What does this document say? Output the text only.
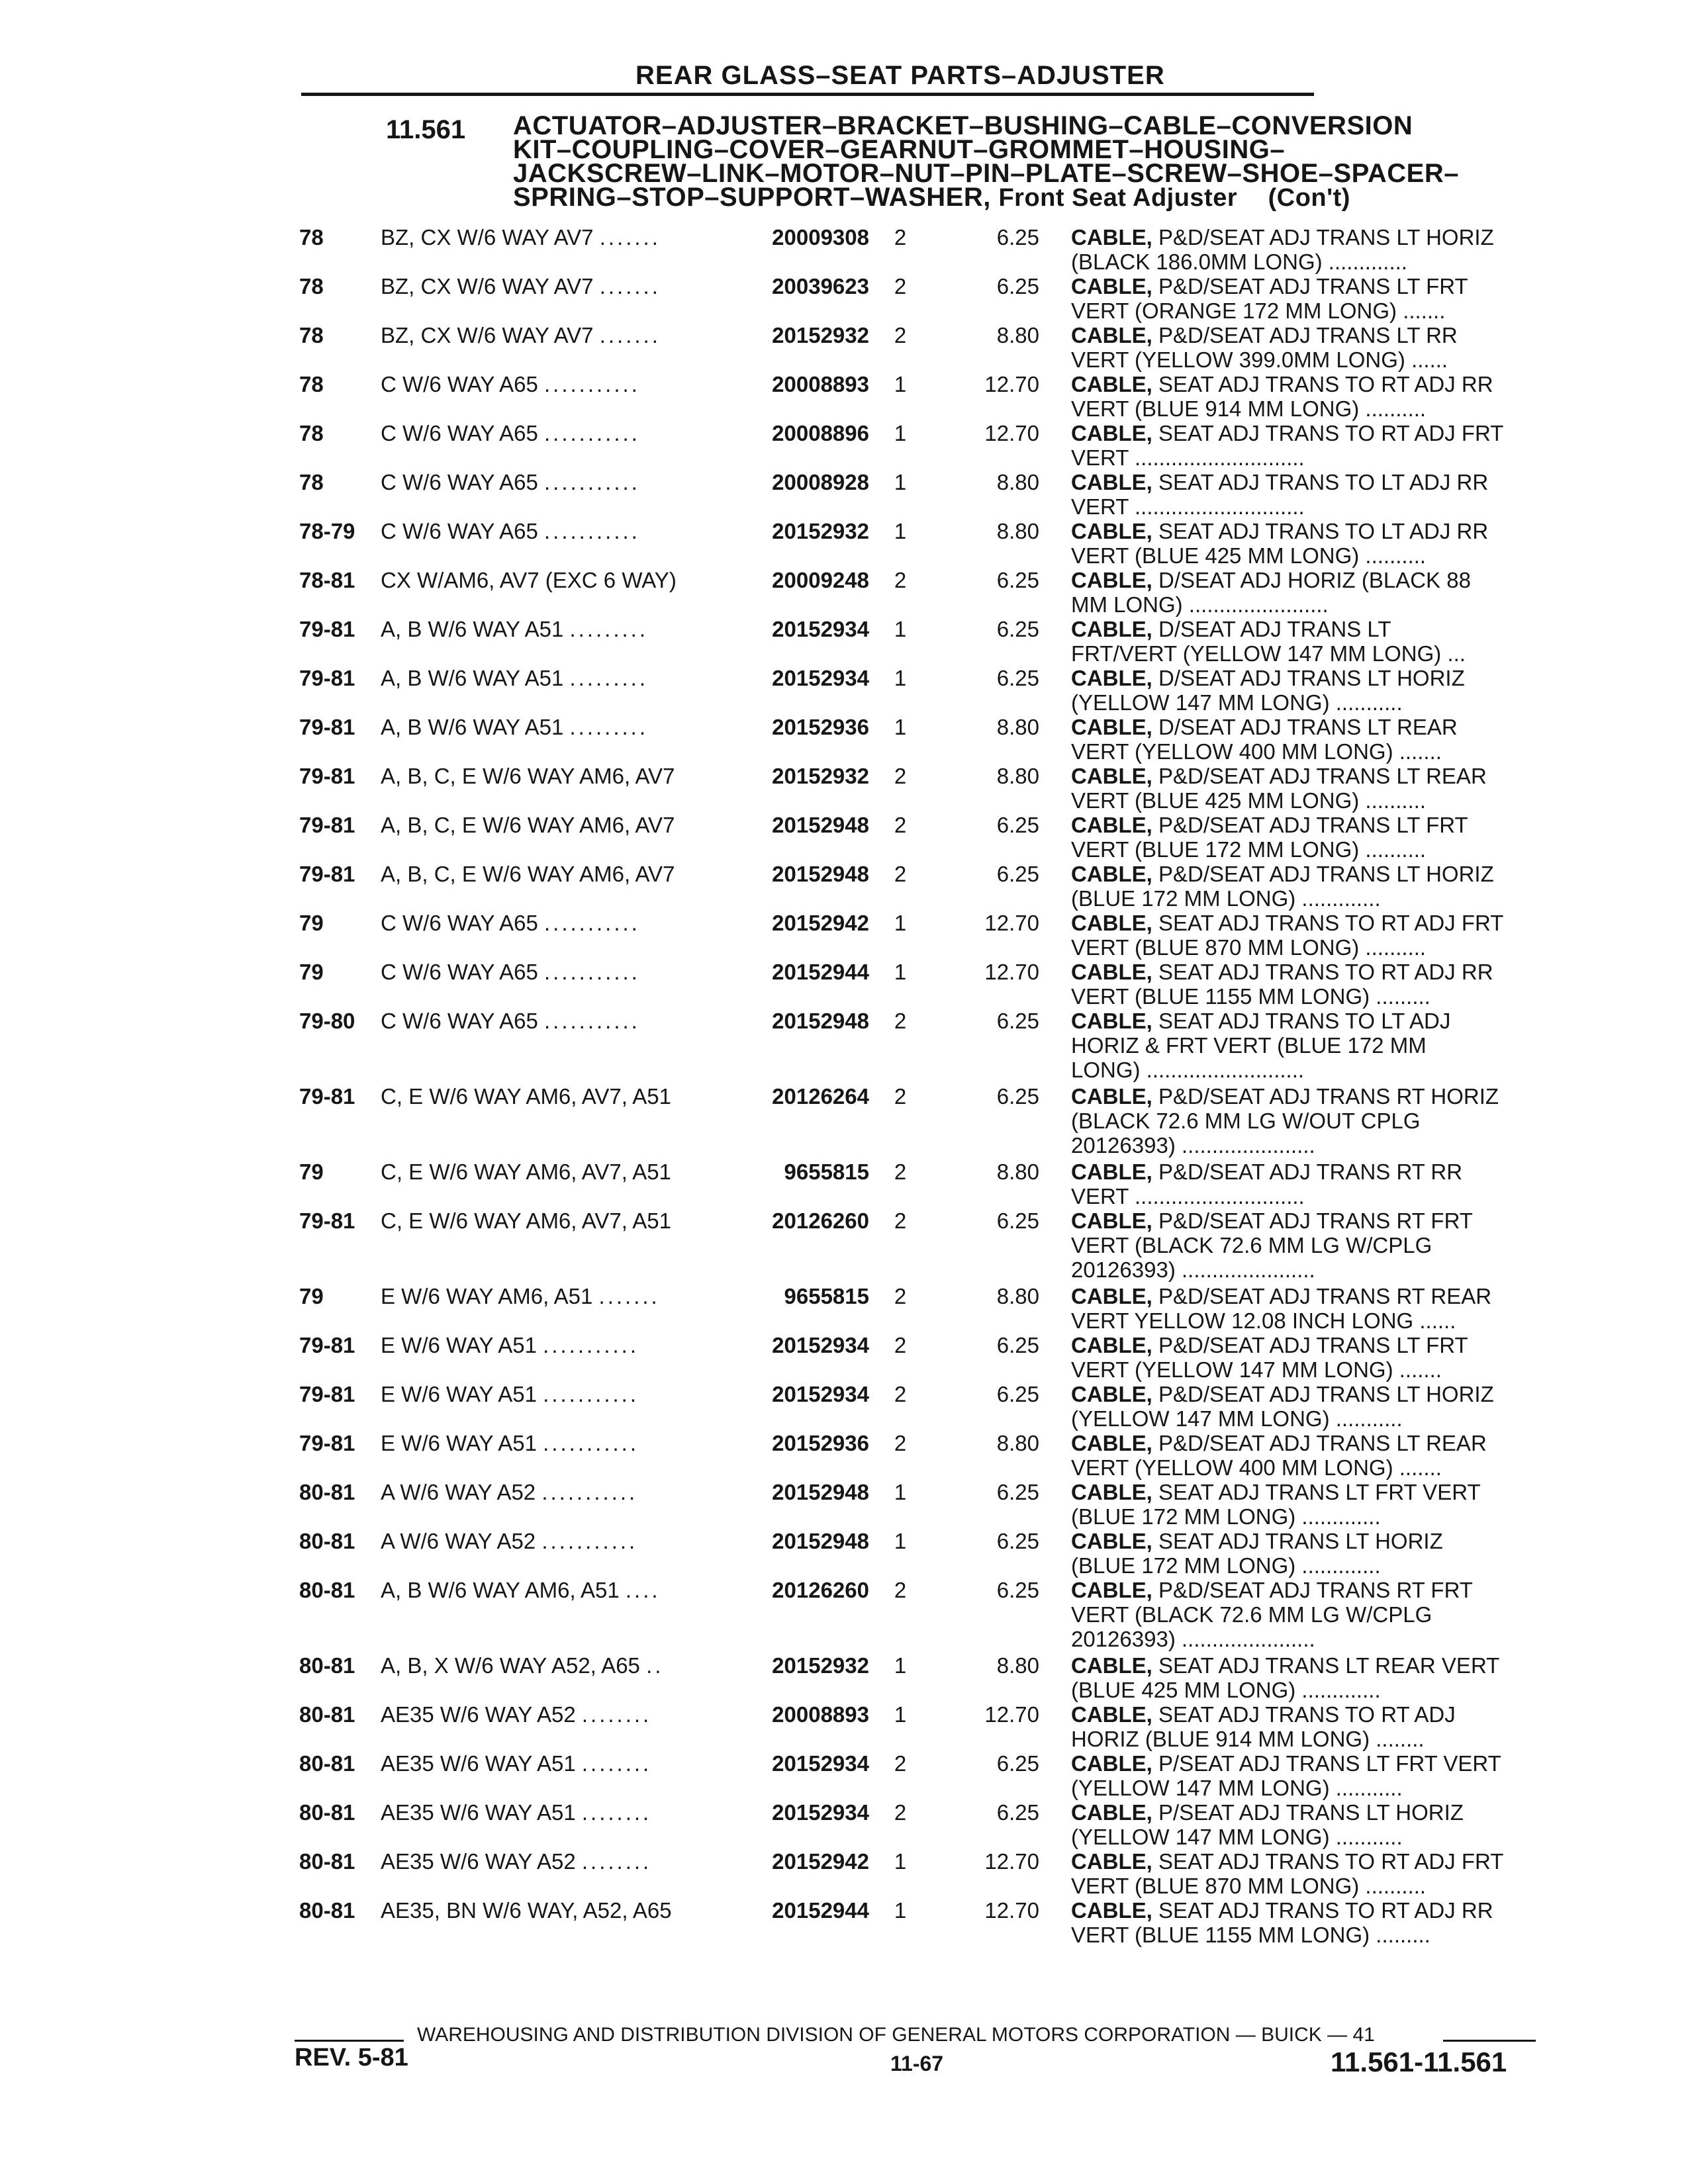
REAR GLASS–SEAT PARTS–ADJUSTER
11.561 ACTUATOR–ADJUSTER–BRACKET–BUSHING–CABLE–CONVERSION
KIT–COUPLING–COVER–GEARNUT–GROMMET–HOUSING–
JACKSCREW–LINK–MOTOR–NUT–PIN–PLATE–SCREW–SHOE–SPACER–
SPRING–STOP–SUPPORT–WASHER, Front Seat Adjuster (Con't)
78	BZ, CX W/6 WAY AV7 .......	20009308 2	6.25 CABLE, P&D/SEAT ADJ TRANS LT HORIZ
(BLACK 186.0MM LONG) .............
78	BZ, CX W/6 WAY AV7 .......	20039623 2	6.25 CABLE, P&D/SEAT ADJ TRANS LT FRT
VERT (ORANGE 172 MM LONG) .......
78	BZ, CX W/6 WAY AV7 .......	20152932 2	8.80 CABLE, P&D/SEAT ADJ TRANS LT RR
VERT (YELLOW 399.0MM LONG) ......
78	C W/6 WAY A65 ...........	20008893 1	12.70 CABLE, SEAT ADJ TRANS TO RT ADJ RR
VERT (BLUE 914 MM LONG) ..........
78	C W/6 WAY A65 ...........	20008896 1	12.70 CABLE, SEAT ADJ TRANS TO RT ADJ FRT
VERT ............................
78	C W/6 WAY A65 ...........	20008928 1	8.80 CABLE, SEAT ADJ TRANS TO LT ADJ RR
VERT ............................
78-79 C W/6 WAY A65 ...........	20152932 1	8.80 CABLE, SEAT ADJ TRANS TO LT ADJ RR
VERT (BLUE 425 MM LONG) ..........
78-81 CX W/AM6, AV7 (EXC 6 WAY)	20009248 2	6.25 CABLE, D/SEAT ADJ HORIZ (BLACK 88
MM LONG) .......................
79-81 A, B W/6 WAY A51 .........	20152934 1	6.25 CABLE, D/SEAT ADJ TRANS LT
FRT/VERT (YELLOW 147 MM LONG) ...
79-81 A, B W/6 WAY A51 .........	20152934 1	6.25 CABLE, D/SEAT ADJ TRANS LT HORIZ
(YELLOW 147 MM LONG) ...........
79-81 A, B W/6 WAY A51 .........	20152936 1	8.80 CABLE, D/SEAT ADJ TRANS LT REAR
VERT (YELLOW 400 MM LONG) .......
79-81 A, B, C, E W/6 WAY AM6, AV7	20152932 2	8.80 CABLE, P&D/SEAT ADJ TRANS LT REAR
VERT (BLUE 425 MM LONG) ..........
79-81 A, B, C, E W/6 WAY AM6, AV7	20152948 2	6.25 CABLE, P&D/SEAT ADJ TRANS LT FRT
VERT (BLUE 172 MM LONG) ..........
79-81 A, B, C, E W/6 WAY AM6, AV7	20152948 2	6.25 CABLE, P&D/SEAT ADJ TRANS LT HORIZ
(BLUE 172 MM LONG) .............
79	C W/6 WAY A65 ...........	20152942 1	12.70 CABLE, SEAT ADJ TRANS TO RT ADJ FRT
VERT (BLUE 870 MM LONG) ..........
79	C W/6 WAY A65 ...........	20152944 1	12.70 CABLE, SEAT ADJ TRANS TO RT ADJ RR
VERT (BLUE 1155 MM LONG) .........
79-80 C W/6 WAY A65 ...........	20152948 2	6.25 CABLE, SEAT ADJ TRANS TO LT ADJ
HORIZ & FRT VERT (BLUE 172 MM
LONG) ..........................
79-81 C, E W/6 WAY AM6, AV7, A51	20126264 2	6.25 CABLE, P&D/SEAT ADJ TRANS RT HORIZ
(BLACK 72.6 MM LG W/OUT CPLG
20126393) ......................
79	C, E W/6 WAY AM6, AV7, A51	9655815 2	8.80 CABLE, P&D/SEAT ADJ TRANS RT RR
VERT ............................
79-81 C, E W/6 WAY AM6, AV7, A51	20126260 2	6.25 CABLE, P&D/SEAT ADJ TRANS RT FRT
VERT (BLACK 72.6 MM LG W/CPLG
20126393) ......................
79	E W/6 WAY AM6, A51 .......	9655815 2	8.80 CABLE, P&D/SEAT ADJ TRANS RT REAR
VERT YELLOW 12.08 INCH LONG ......
79-81 E W/6 WAY A51 ...........	20152934 2	6.25 CABLE, P&D/SEAT ADJ TRANS LT FRT
VERT (YELLOW 147 MM LONG) .......
79-81 E W/6 WAY A51 ...........	20152934 2	6.25 CABLE, P&D/SEAT ADJ TRANS LT HORIZ
(YELLOW 147 MM LONG) ...........
79-81 E W/6 WAY A51 ...........	20152936 2	8.80 CABLE, P&D/SEAT ADJ TRANS LT REAR
VERT (YELLOW 400 MM LONG) .......
80-81 A W/6 WAY A52 ...........	20152948 1	6.25 CABLE, SEAT ADJ TRANS LT FRT VERT
(BLUE 172 MM LONG) .............
80-81 A W/6 WAY A52 ...........	20152948 1	6.25 CABLE, SEAT ADJ TRANS LT HORIZ
(BLUE 172 MM LONG) .............
80-81 A, B W/6 WAY AM6, A51 ....	20126260 2	6.25 CABLE, P&D/SEAT ADJ TRANS RT FRT
VERT (BLACK 72.6 MM LG W/CPLG
20126393) ......................
80-81 A, B, X W/6 WAY A52, A65 ..	20152932 1	8.80 CABLE, SEAT ADJ TRANS LT REAR VERT
(BLUE 425 MM LONG) .............
80-81 AE35 W/6 WAY A52 ........	20008893 1	12.70 CABLE, SEAT ADJ TRANS TO RT ADJ
HORIZ (BLUE 914 MM LONG) ........
80-81 AE35 W/6 WAY A51 ........	20152934 2	6.25 CABLE, P/SEAT ADJ TRANS LT FRT VERT
(YELLOW 147 MM LONG) ...........
80-81 AE35 W/6 WAY A51 ........	20152934 2	6.25 CABLE, P/SEAT ADJ TRANS LT HORIZ
(YELLOW 147 MM LONG) ...........
80-81 AE35 W/6 WAY A52 ........	20152942 1	12.70 CABLE, SEAT ADJ TRANS TO RT ADJ FRT
VERT (BLUE 870 MM LONG) ..........
80-81 AE35, BN W/6 WAY, A52, A65	20152944 1	12.70 CABLE, SEAT ADJ TRANS TO RT ADJ RR
VERT (BLUE 1155 MM LONG) .........
WAREHOUSING AND DISTRIBUTION DIVISION OF GENERAL MOTORS CORPORATION — BUICK — 41
REV. 5-81	11-67	11.561-11.561
